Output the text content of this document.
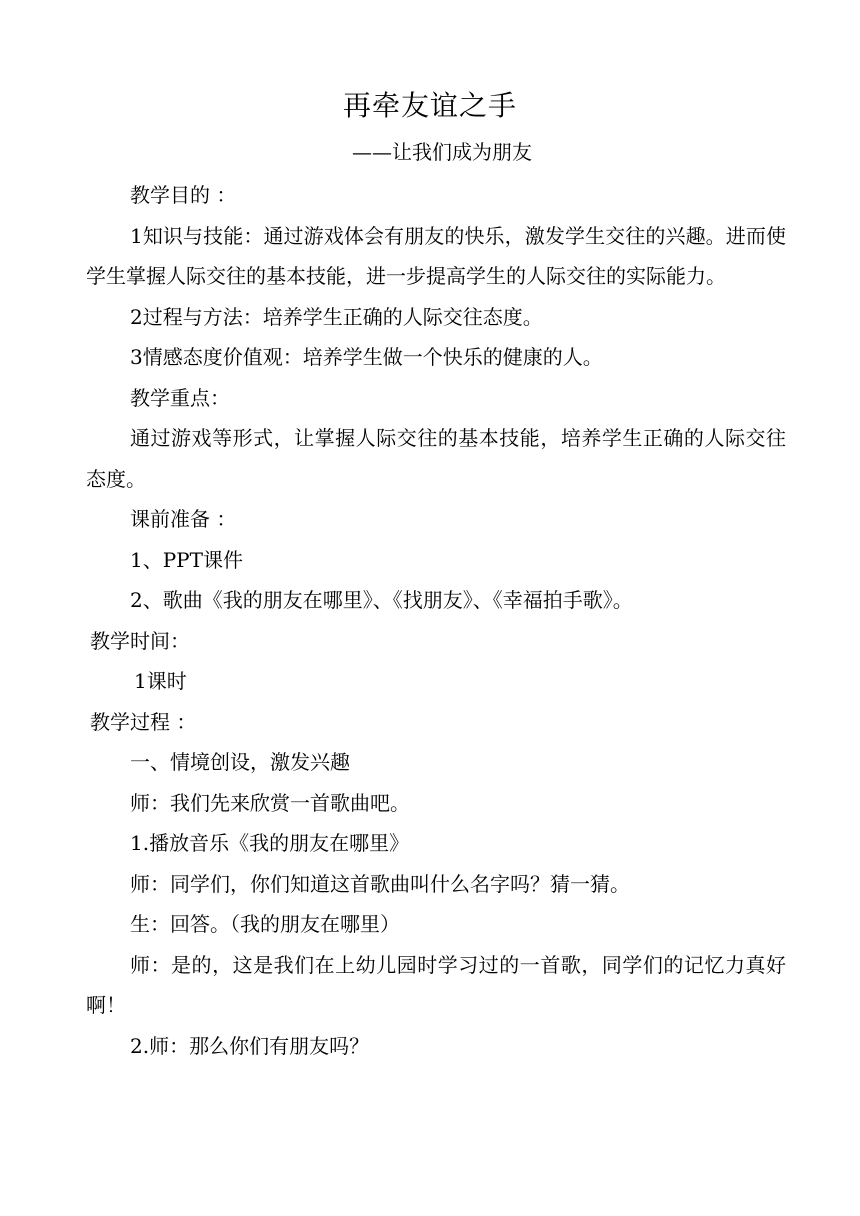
再牵友谊之手
——让我们成为朋友

教学目的 ：

1知识与技能：通过游戏体会有朋友的快乐，激发学生交往的兴趣。进而使学生掌握人际交往的基本技能，进一步提高学生的人际交往的实际能力。

2过程与方法：培养学生正确的人际交往态度。

3情感态度价值观：培养学生做一个快乐的健康的人。

教学重点：

通过游戏等形式，让掌握人际交往的基本技能，培养学生正确的人际交往态度。

课前准备 ：

1、PPT课件

2、歌曲《我的朋友在哪里》、《找朋友》、《幸福拍手歌》。

教学时间：

1课时

教学过程 ：

一、情境创设，激发兴趣

师：我们先来欣赏一首歌曲吧。

1.播放音乐《我的朋友在哪里》

师：同学们，你们知道这首歌曲叫什么名字吗？猜一猜。

生：回答。（我的朋友在哪里）

师：是的，这是我们在上幼儿园时学习过的一首歌，同学们的记忆力真好啊！

2.师：那么你们有朋友吗？
